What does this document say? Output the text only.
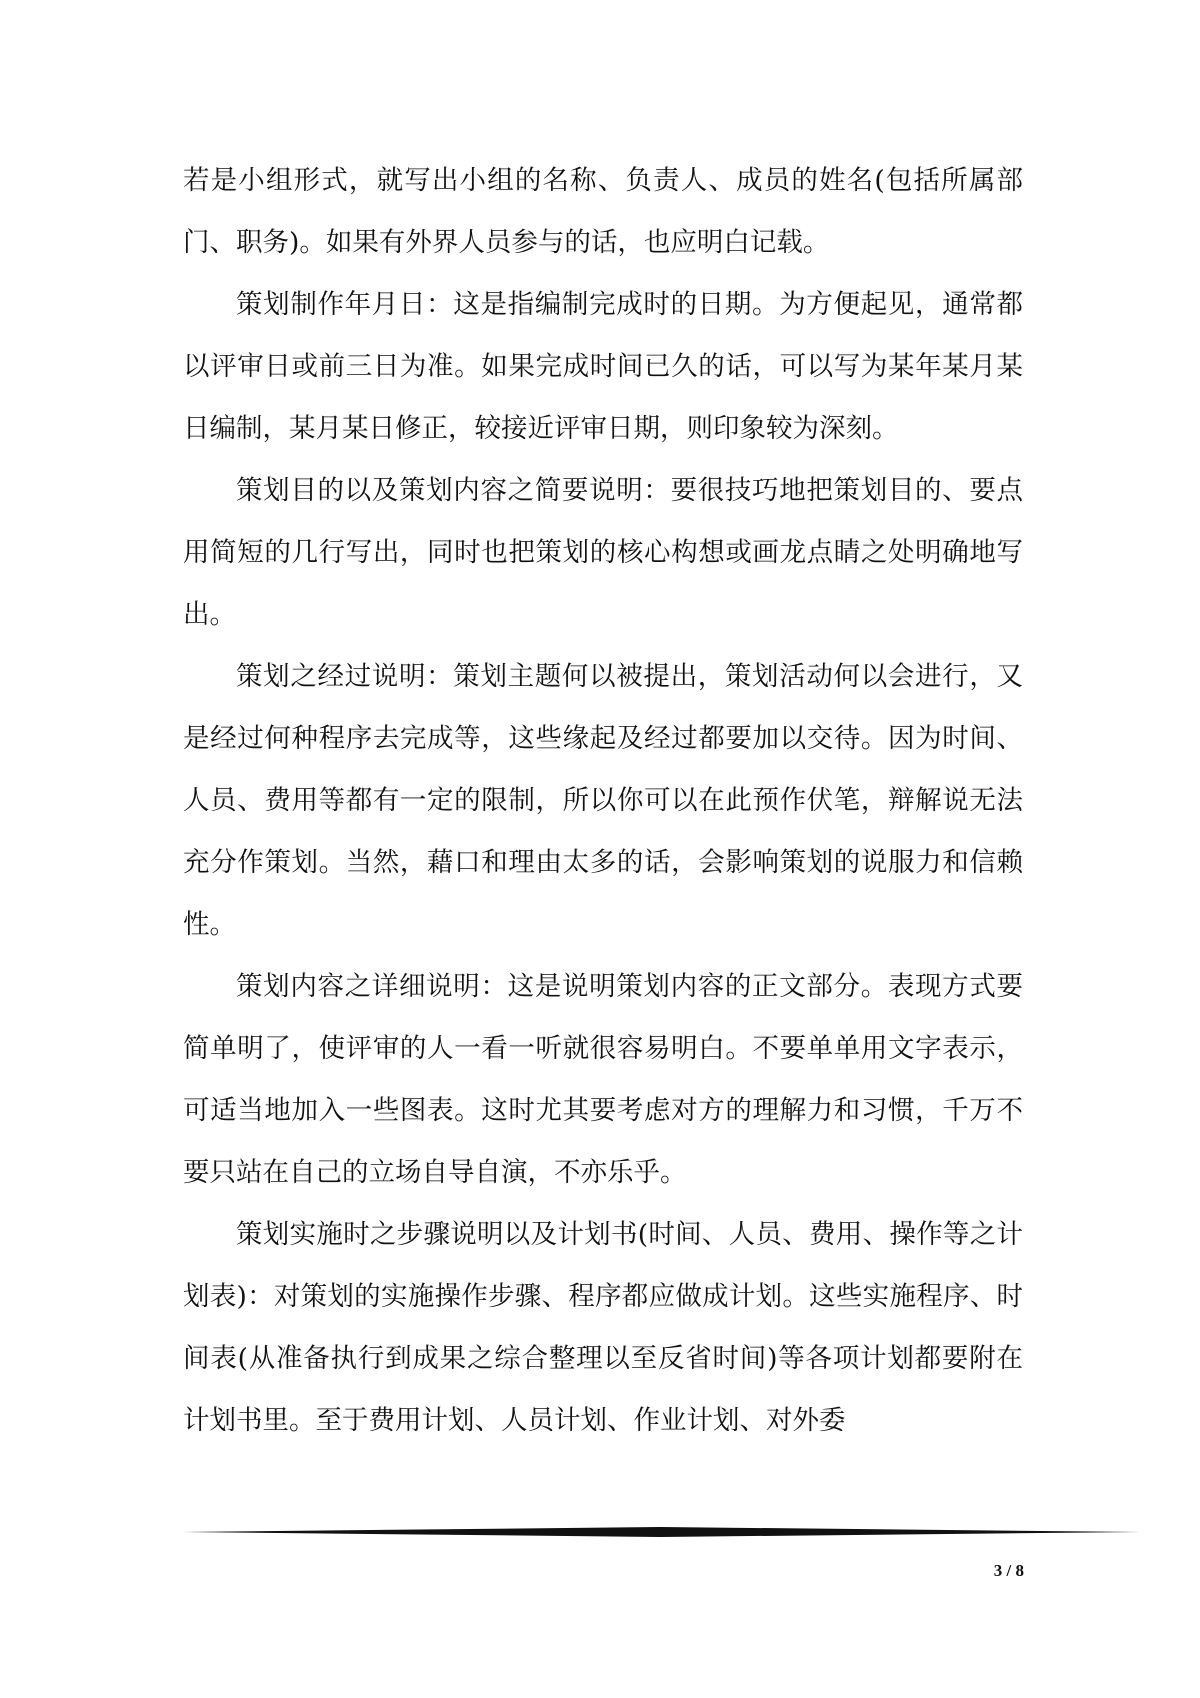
若是小组形式，就写出小组的名称、负责人、成员的姓名(包括所属部门、职务)。如果有外界人员参与的话，也应明白记载。

策划制作年月日：这是指编制完成时的日期。为方便起见，通常都以评审日或前三日为准。如果完成时间已久的话，可以写为某年某月某日编制，某月某日修正，较接近评审日期，则印象较为深刻。

策划目的以及策划内容之简要说明：要很技巧地把策划目的、要点用简短的几行写出，同时也把策划的核心构想或画龙点睛之处明确地写出。

策划之经过说明：策划主题何以被提出，策划活动何以会进行，又是经过何种程序去完成等，这些缘起及经过都要加以交待。因为时间、人员、费用等都有一定的限制，所以你可以在此预作伏笔，辩解说无法充分作策划。当然，藉口和理由太多的话，会影响策划的说服力和信赖性。

策划内容之详细说明：这是说明策划内容的正文部分。表现方式要简单明了，使评审的人一看一听就很容易明白。不要单单用文字表示，可适当地加入一些图表。这时尤其要考虑对方的理解力和习惯，千万不要只站在自己的立场自导自演，不亦乐乎。

策划实施时之步骤说明以及计划书(时间、人员、费用、操作等之计划表)：对策划的实施操作步骤、程序都应做成计划。这些实施程序、时间表(从准备执行到成果之综合整理以至反省时间)等各项计划都要附在计划书里。至于费用计划、人员计划、作业计划、对外委

3 / 8
